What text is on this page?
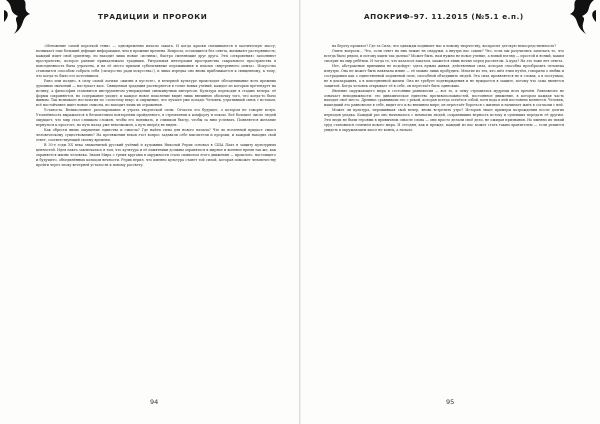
ТРАДИЦИИ И ПРОРОКИ

«Мгновение самой короткой тени» — одновременно начало заката. И когда краски смешиваются в хаотическую массу, возникает еще больший дефицит информации, чем в прежние времена. Вопросы, остающиеся без ответа, вызывают растерянность; каждый ищет свой ориентир, но находит лишь новые «истины», быстро сменяющие друг друга. Эти «откровения» заполняют пространство, которое раньше принадлежало традиции. Ритуальная интеграция пространства сакрального пространства в повседневность была утрачена, и на её место пришли субъективные переживания и поиски «внутреннего опыта». Искусство становится способом собрать себя («искусство ради искусства»), и лишь изредка оно вновь приближается к священному, к тому, что когда-то было его источником.

Рано или поздно, в силу самой логики «жизни в пустоте», в вечерней культуре происходит обесценивание всех прежних духовных значений — наступает хаос. Священная традиция растворяется в толпе новых учений, каждое из которых претендует на истину, а философия становится инструментом утверждения сиюминутных интересов. Культура переходит в стадию вечера: её формы сохраняются, но содержание уходит, и каждое новое поколение видит лишь внешнюю оболочку того, что когда-то было живым. Так возникает ностальгия по «золотому веку» и ощущение, что лучшее уже позади. Человек, утративший связь с истоком, всё настойчивее ищет новые смыслы, но находит лишь их отражения.

Устаность. Великолепное разочарование и утрата творческой силы. Отчасти это будущее, о котором не говорят вслух. Утомлённость выражается в бесконечном повторении пройденного, в стремлении к комфорту и покою. Всё большее число людей ощущает, что мир стал слишком сложен, чтобы его понимать, и слишком быстр, чтобы за ним успевать. Появляется желание вернуться к простоте, но путь назад уже невозможен, а путь вперёд не виден.

Как обрести вновь ощущение единства и смысла? Где найти силы для нового начала? Что во вселенной придаст смысл человеческому существованию? На протяжении веков этот вопрос задавали себе мыслители и пророки, и каждый находил свой ответ, соответствующий своему времени.

В 30-е годы XX века знаменитый русский учёный и художник Николай Рерих основал в США Пакт в защиту культурных ценностей. Идея пакта заключалась в том, что культура и её памятники должны охраняться в мирное и военное время так же, как охраняется жизнь человека. Знамя Мира с тремя кругами в окружности стало символом этого движения — прошлого, настоящего и будущего, объединённых кольцом вечности. Рерих верил, что именно культура станет той силой, которая поможет человечеству пройти через эпоху вечерней усталости к новому рассвету.

94

АПОКРИФ-97. 11.2015 (№5.1 е.п.)

на берегу прошлое? Где та Сила, что однажды поднимет нас к новому творчеству, воскресит детскую непосредственность?

Опять вопросы… Что, если ответ на них лежит не снаружи, а внутри нас самих? Что, если мы разучились замечать то, что всегда было рядом, и потому ищем так далеко? Может быть, нам нужно не новое учение, а новый взгляд — простой и ясный, каким смотрит на мир ребёнок. И тогда то, что казалось закатом, окажется лишь ночью перед рассветом. А куда? На это тоже нет ответа.

Нет, абстрактные принципы не подойдут: здесь нужна живая, действенная сила, которая способна преобразить человека изнутри. Она не может быть навязана извне — её можно лишь пробудить. Многие из тех, кто шёл этим путём, говорили о любви и сострадании как о единственной подлинной силе, способной объединить людей. Эта сила проявляется не в словах, а в поступках, не в декларациях, а в повседневной жизни. Она не требует подтверждения и не нуждается в защите, потому что сама является защитой. Когда человек открывает её в себе, он перестаёт быть одиноким.

Явление окружающего мира в состоянии равновесия — вот то, к чему стремились мудрецы всех времён. Равновесие не означает неподвижности: это динамическое единство противоположностей, постоянное движение, в котором каждая часть находит своё место. Древние сравнивали его с рекой, которая всегда остаётся собой, хотя вода в ней постоянно меняется. Человек, нашедший это равновесие в себе, видит его и во внешнем мире; он перестаёт бороться с жизнью и начинает жить в согласии с ней.

Может ли культура, пережившая свой вечер, вновь встретить утро? История знает примеры возрождения после долгих периодов упадка. Каждый раз оно начиналось с немногих людей, сохранивших верность истоку и сумевших передать её другим. Эти люди не были героями в привычном смысле слова — они просто делали своё дело, не ожидая признания. Но именно их тихий труд становился семенем нового мира. И сегодня, как и прежде, каждый из нас может стать таким хранителем — если решится увидеть в окружающем хаосе не конец, а начало.

95
